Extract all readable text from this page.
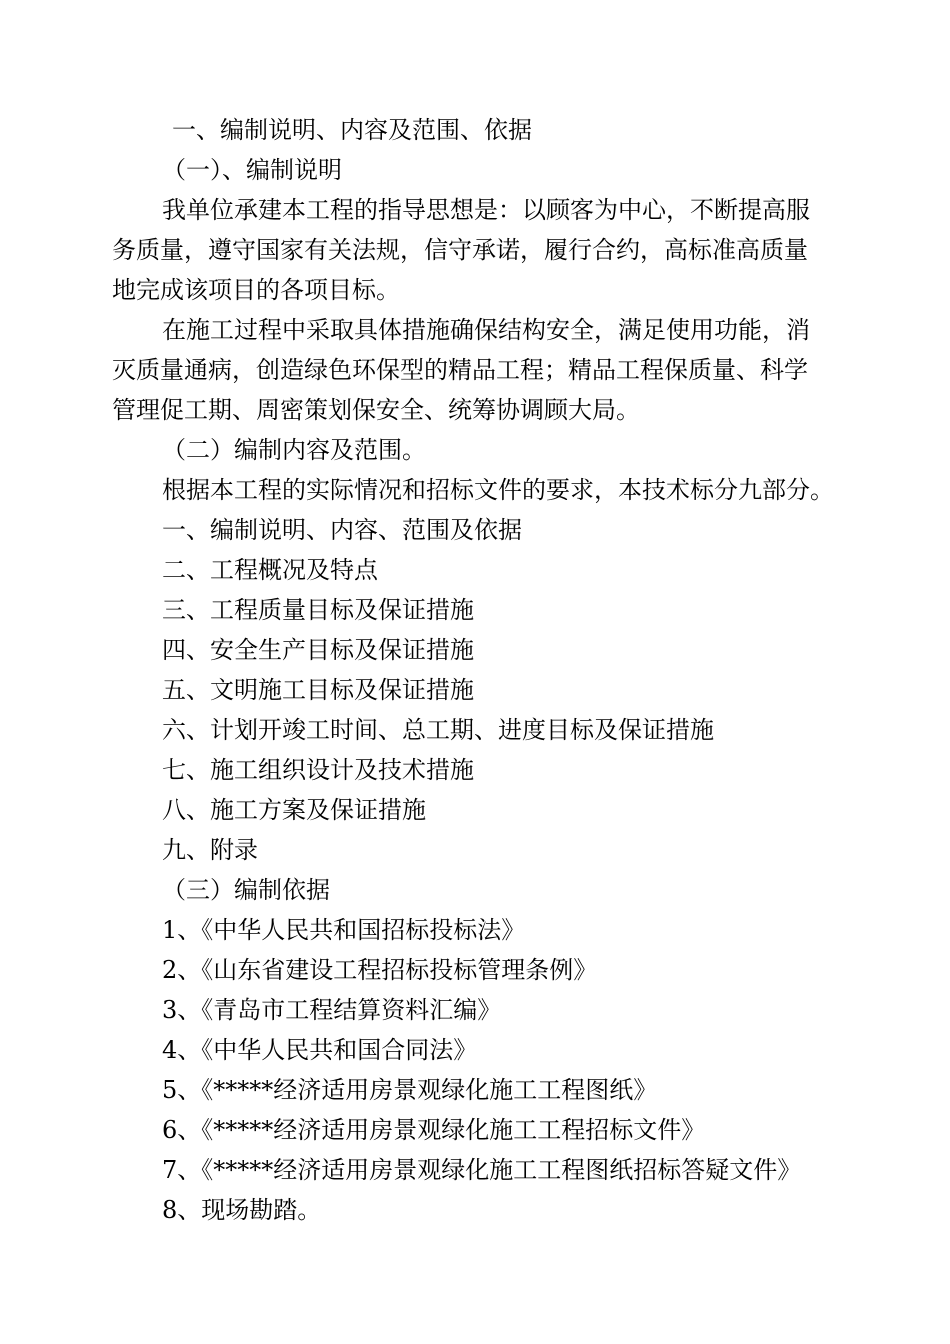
一、编制说明、内容及范围、依据
（一）、编制说明
我单位承建本工程的指导思想是：以顾客为中心，不断提高服
务质量，遵守国家有关法规，信守承诺，履行合约，高标准高质量
地完成该项目的各项目标。
在施工过程中采取具体措施确保结构安全，满足使用功能，消
灭质量通病，创造绿色环保型的精品工程；精品工程保质量、科学
管理促工期、周密策划保安全、统筹协调顾大局。
（二）编制内容及范围。
根据本工程的实际情况和招标文件的要求，本技术标分九部分。
一、编制说明、内容、范围及依据
二、工程概况及特点
三、工程质量目标及保证措施
四、安全生产目标及保证措施
五、文明施工目标及保证措施
六、计划开竣工时间、总工期、进度目标及保证措施
七、施工组织设计及技术措施
八、施工方案及保证措施
九、附录
（三）编制依据
1、《中华人民共和国招标投标法》
2、《山东省建设工程招标投标管理条例》
3、《青岛市工程结算资料汇编》
4、《中华人民共和国合同法》
5、《*****经济适用房景观绿化施工工程图纸》
6、《*****经济适用房景观绿化施工工程招标文件》
7、《*****经济适用房景观绿化施工工程图纸招标答疑文件》
8、现场勘踏。
